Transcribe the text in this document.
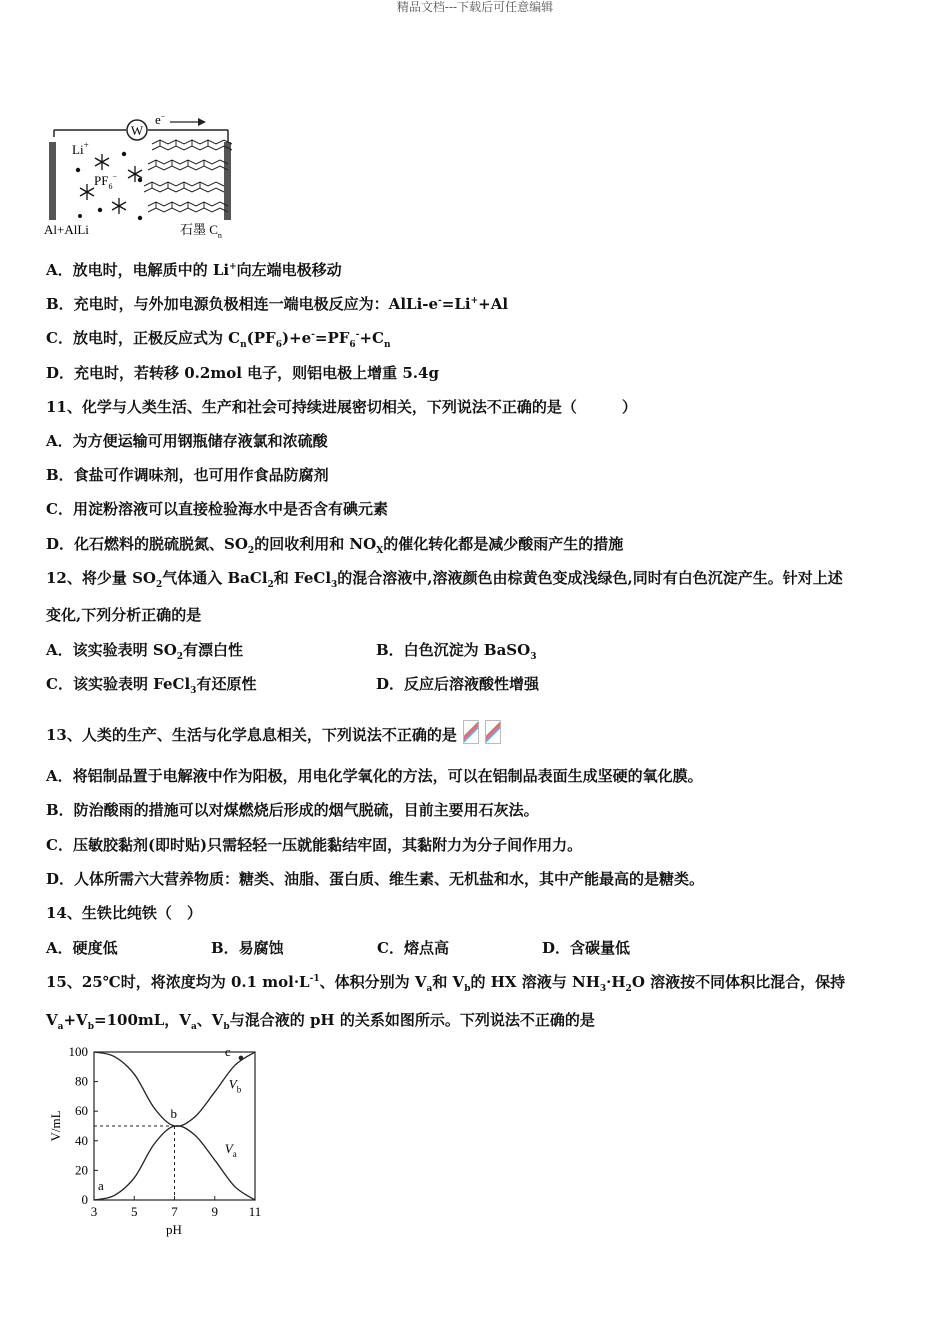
精品文档---下载后可任意编辑
W
e−
Li+
$PF_6^-$
Al+AlLi	石墨 $C_n$
A．放电时，电解质中的 Li+向左端电极移动
B．充电时，与外加电源负极相连一端电极反应为：AlLi-e-=Li++Al
C．放电时，正极反应式为 $C_n(PF_6)+e^-=PF_6^-+C_n$
D．充电时，若转移 0.2mol 电子，则铝电极上增重 5.4g
11、化学与人类生活、生产和社会可持续进展密切相关，下列说法不正确的是（　　　）
A．为方便运输可用钢瓶储存液氯和浓硫酸
B．食盐可作调味剂，也可用作食品防腐剂
C．用淀粉溶液可以直接检验海水中是否含有碘元素
D．化石燃料的脱硫脱氮、$SO_2$的回收利用和 $NO_X$的催化转化都是减少酸雨产生的措施
12、将少量 $SO_2$气体通入 BaCl$_2$和 FeCl$_3$的混合溶液中,溶液颜色由棕黄色变成浅绿色,同时有白色沉淀产生。针对上述
变化,下列分析正确的是
A．该实验表明 $SO_2$有漂白性	B．白色沉淀为 BaSO$_3$
C．该实验表明 FeCl$_3$有还原性	D．反应后溶液酸性增强
13、人类的生产、生活与化学息息相关，下列说法不正确的是
A．将铝制品置于电解液中作为阳极，用电化学氧化的方法，可以在铝制品表面生成坚硬的氧化膜。
B．防治酸雨的措施可以对煤燃烧后形成的烟气脱硫，目前主要用石灰法。
C．压敏胶黏剂(即时贴)只需轻轻一压就能黏结牢固，其黏附力为分子间作用力。
D．人体所需六大营养物质：糖类、油脂、蛋白质、维生素、无机盐和水，其中产能最高的是糖类。
14、生铁比纯铁（　）
A．硬度低	B．易腐蚀	C．熔点高	D．含碳量低
15、25℃时，将浓度均为 0.1 $mol\cdot L^{-1}$、体积分别为 $V_a$和 $V_b$的 HX 溶液与 $NH_3\cdot H_2O$ 溶液按不同体积比混合，保持
$V_a+V_b=100mL$，$V_a$、$V_b$与混合液的 pH 的关系如图所示。下列说法不正确的是
3	5	7	9 11
0
20
40
60
80
100
$V_b$
$V_a$
a
b
c
pH
V/mL
